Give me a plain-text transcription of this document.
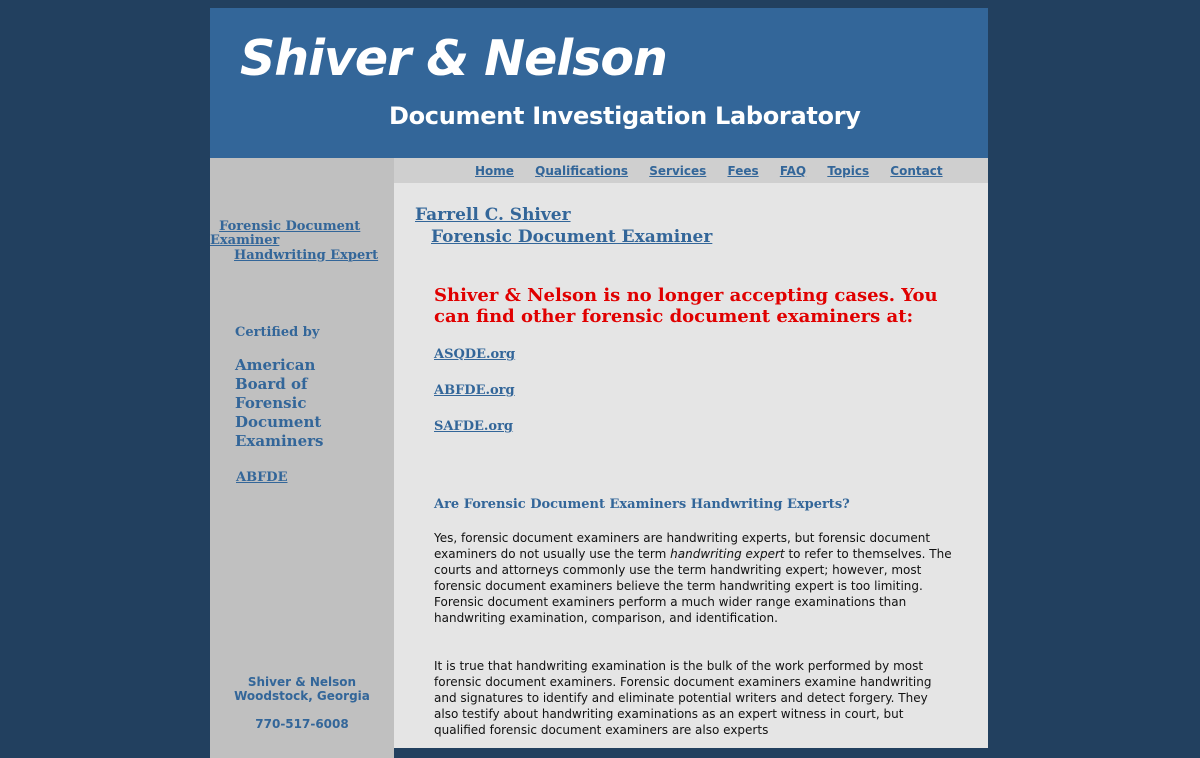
Shiver & Nelson
Document Investigation Laboratory
Forensic Document Examiner
Handwriting Expert
Certified by
American Board of Forensic Document Examiners
ABFDE
Shiver & Nelson
Woodstock, Georgia
770-517-6008
Home Qualifications Services Fees FAQ Topics Contact
Farrell C. Shiver
Forensic Document Examiner
Shiver & Nelson is no longer accepting cases. You can find other forensic document examiners at:
ASQDE.org
ABFDE.org
SAFDE.org
Are Forensic Document Examiners Handwriting Experts?

Yes, forensic document examiners are handwriting experts, but forensic document examiners do not usually use the term handwriting expert to refer to themselves. The courts and attorneys commonly use the term handwriting expert; however, most forensic document examiners believe the term handwriting expert is too limiting. Forensic document examiners perform a much wider range examinations than handwriting examination, comparison, and identification.

It is true that handwriting examination is the bulk of the work performed by most forensic document examiners. Forensic document examiners examine handwriting and signatures to identify and eliminate potential writers and detect forgery. They also testify about handwriting examinations as an expert witness in court, but qualified forensic document examiners are also experts
